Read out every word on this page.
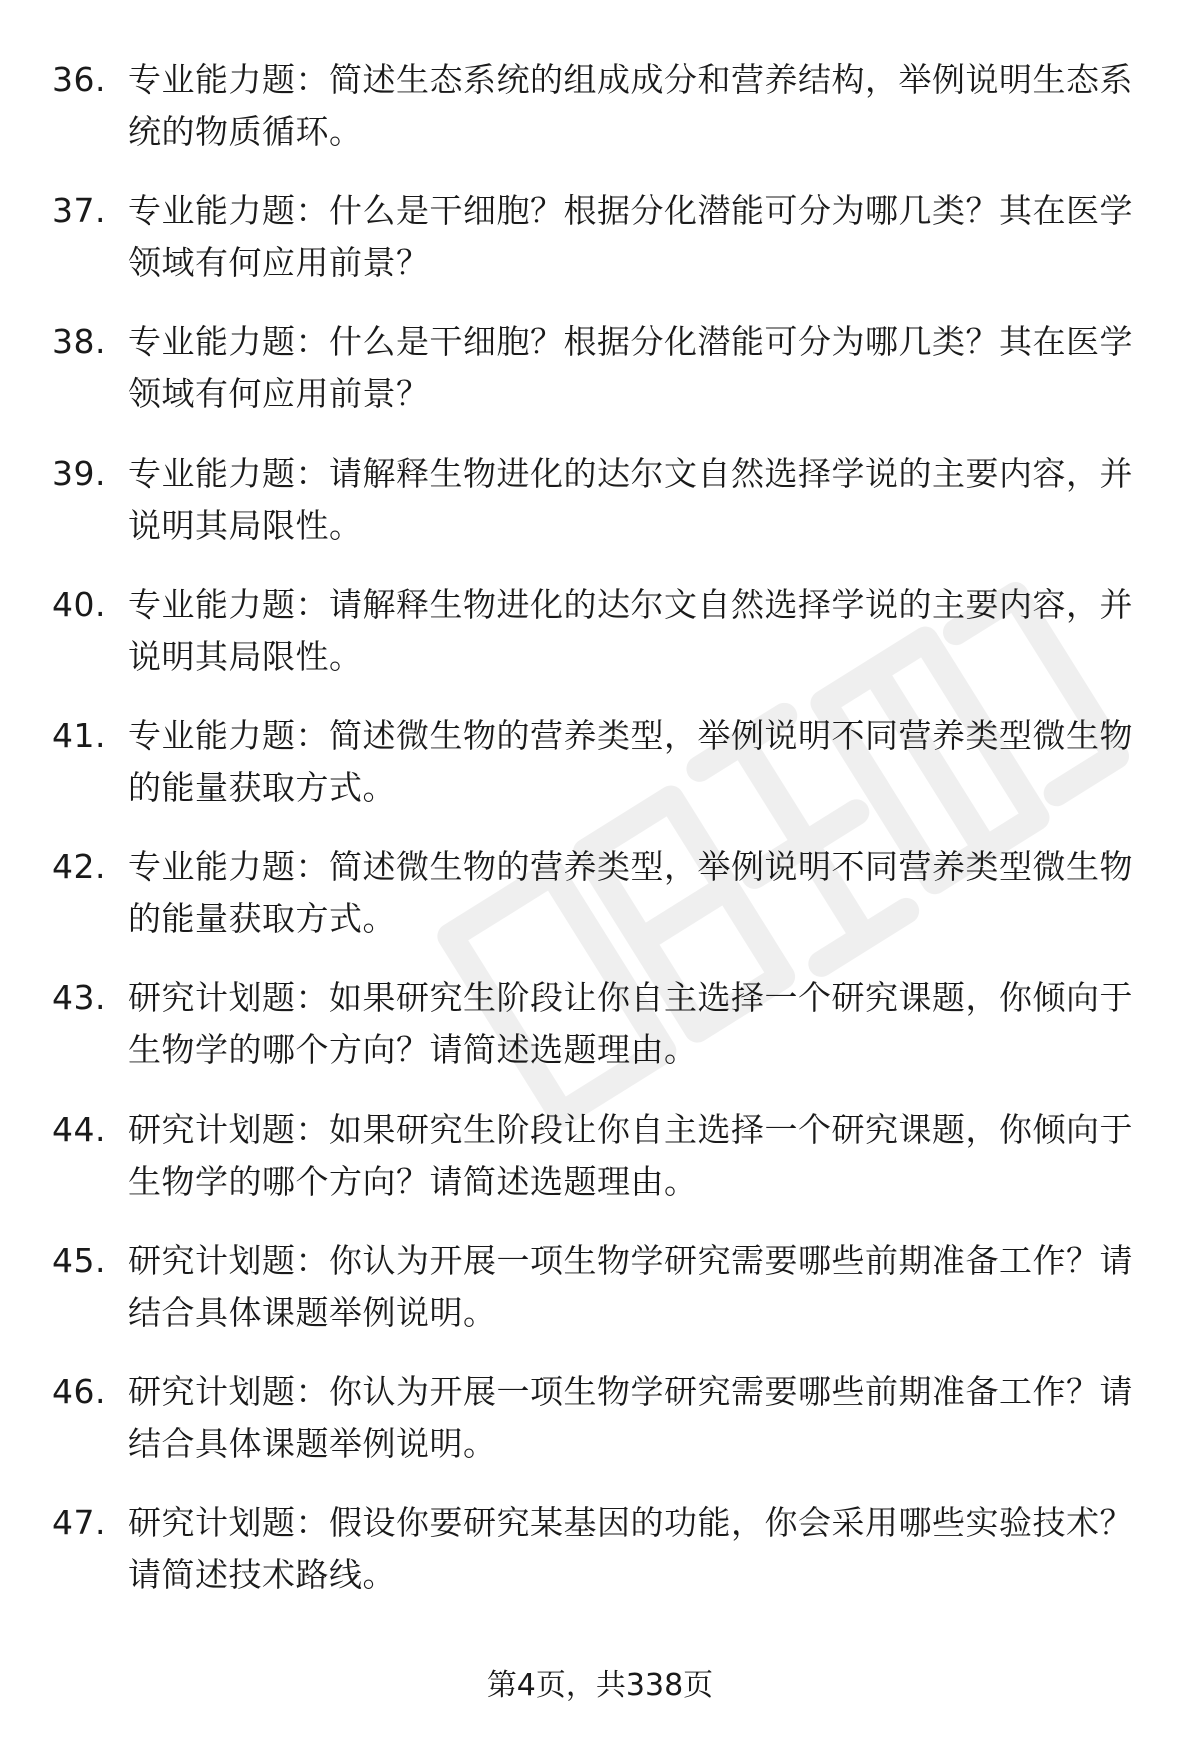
36. 专业能力题：简述生态系统的组成成分和营养结构，举例说明生态系统的物质循环。
37. 专业能力题：什么是干细胞？根据分化潜能可分为哪几类？其在医学领域有何应用前景？
38. 专业能力题：什么是干细胞？根据分化潜能可分为哪几类？其在医学领域有何应用前景？
39. 专业能力题：请解释生物进化的达尔文自然选择学说的主要内容，并说明其局限性。
40. 专业能力题：请解释生物进化的达尔文自然选择学说的主要内容，并说明其局限性。
41. 专业能力题：简述微生物的营养类型，举例说明不同营养类型微生物的能量获取方式。
42. 专业能力题：简述微生物的营养类型，举例说明不同营养类型微生物的能量获取方式。
43. 研究计划题：如果研究生阶段让你自主选择一个研究课题，你倾向于生物学的哪个方向？请简述选题理由。
44. 研究计划题：如果研究生阶段让你自主选择一个研究课题，你倾向于生物学的哪个方向？请简述选题理由。
45. 研究计划题：你认为开展一项生物学研究需要哪些前期准备工作？请结合具体课题举例说明。
46. 研究计划题：你认为开展一项生物学研究需要哪些前期准备工作？请结合具体课题举例说明。
47. 研究计划题：假设你要研究某基因的功能，你会采用哪些实验技术？请简述技术路线。
第4页，共338页
